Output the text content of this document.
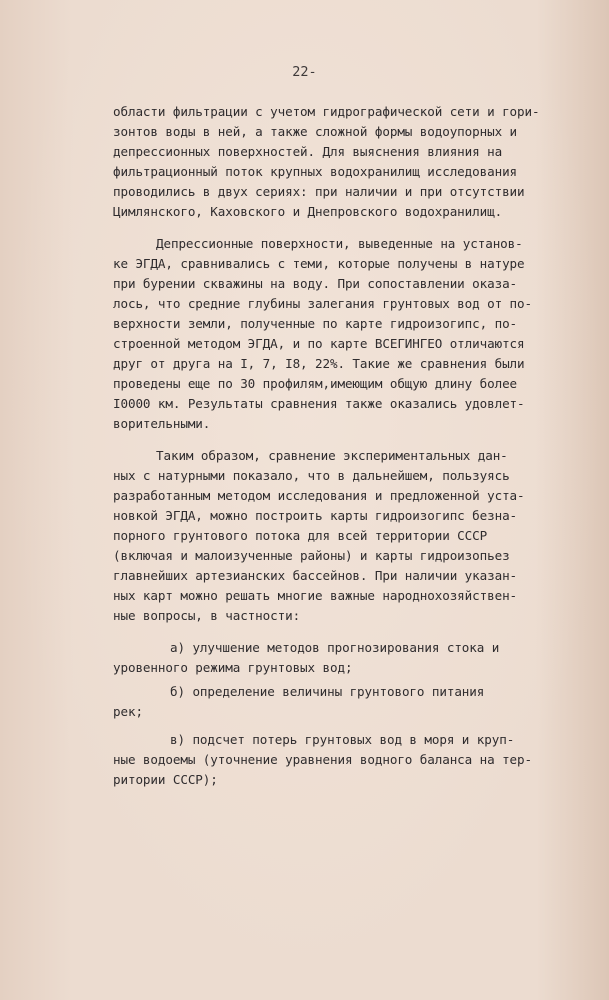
22-
области фильтрации с учетом гидрографической сети и гори-
зонтов воды в ней, а также сложной формы водоупорных и
депрессионных поверхностей. Для выяснения влияния на
фильтрационный поток крупных водохранилищ исследования
проводились в двух сериях: при наличии и при отсутствии
Цимлянского, Каховского и Днепровского водохранилищ.
Депрессионные поверхности, выведенные на установ-
ке ЭГДА, сравнивались с теми, которые получены в натуре
при бурении скважины на воду. При сопоставлении оказа-
лось, что средние глубины залегания грунтовых вод от по-
верхности земли, полученные по карте гидроизогипс, по-
строенной методом ЭГДА, и по карте ВСЕГИНГЕО отличаются
друг от друга на I, 7, I8, 22%. Такие же сравнения были
проведены еще по 30 профилям,имеющим общую длину более
I0000 км. Результаты сравнения также оказались удовлет-
ворительными.
Таким образом, сравнение экспериментальных дан-
ных с натурными показало, что в дальнейшем, пользуясь
разработанным методом исследования и предложенной уста-
новкой ЭГДА, можно построить карты гидроизогипс безна-
порного грунтового потока для всей территории СССР
(включая и малоизученные районы) и карты гидроизопьез
главнейших артезианских бассейнов. При наличии указан-
ных карт можно решать многие важные народнохозяйствен-
ные вопросы, в частности:
а) улучшение методов прогнозирования стока и
уровенного режима грунтовых вод;
б) определение величины грунтового питания
рек;
в) подсчет потерь грунтовых вод в моря и круп-
ные водоемы (уточнение уравнения водного баланса на тер-
ритории СССР);
